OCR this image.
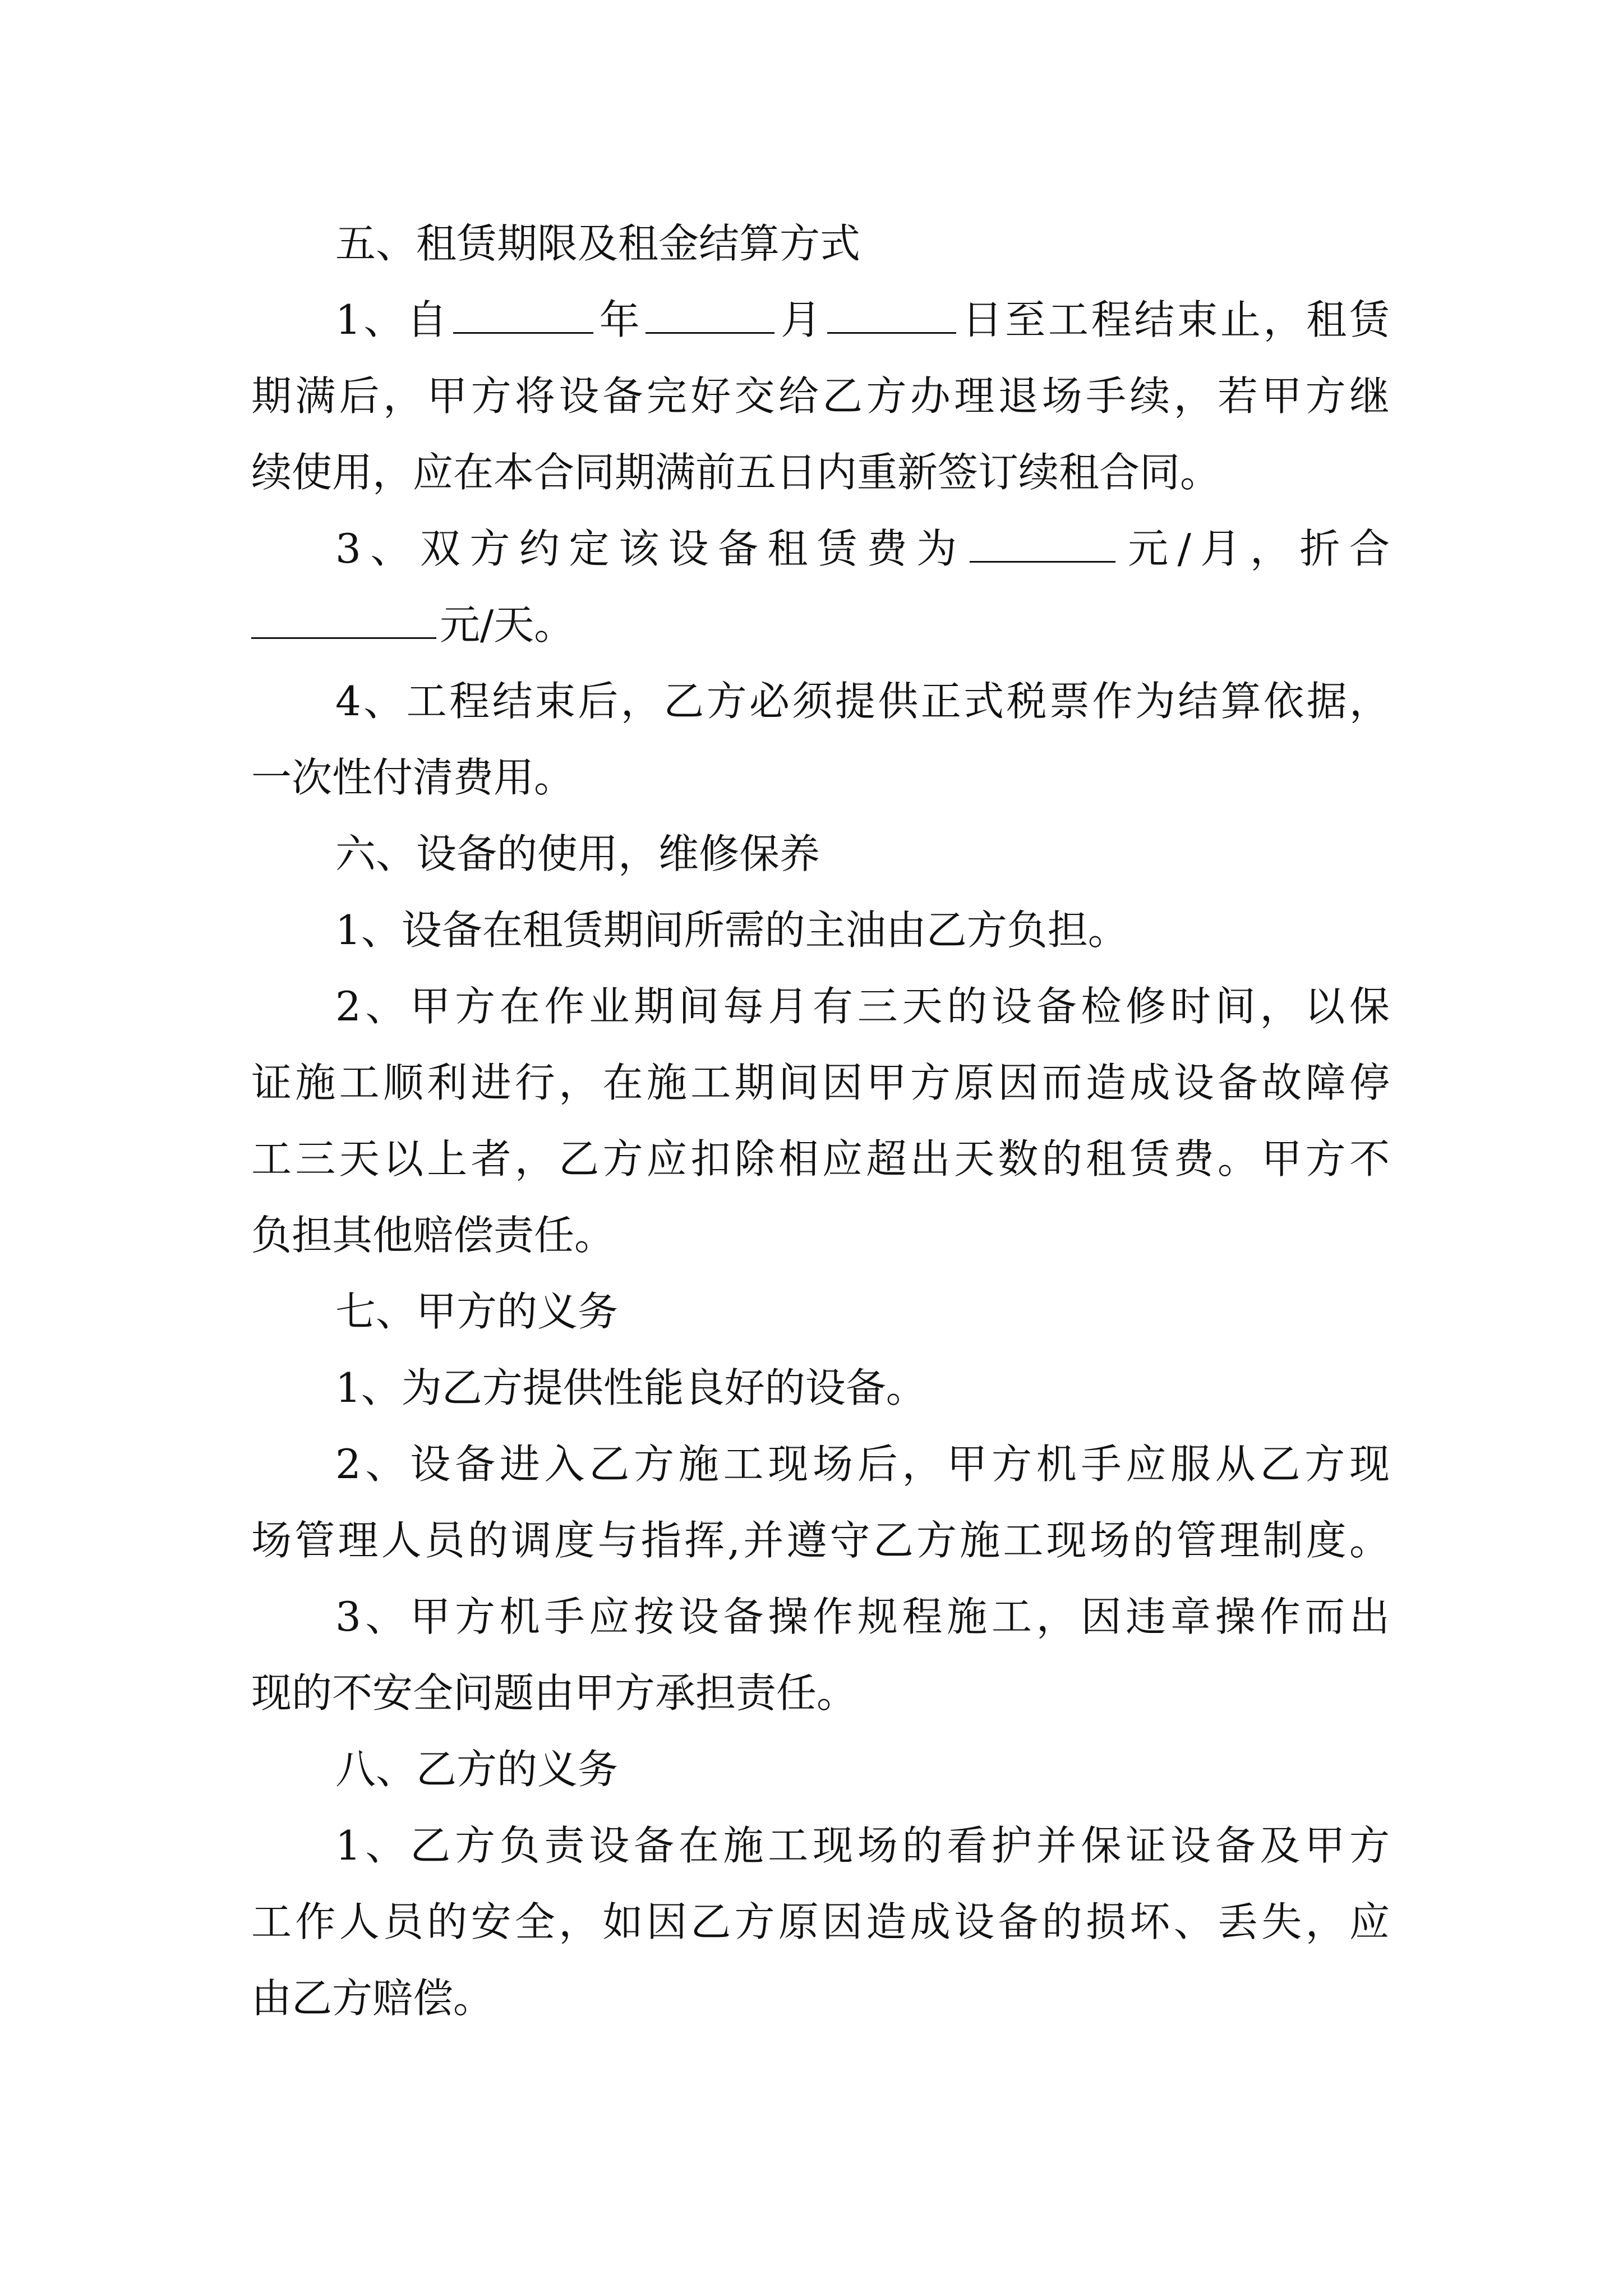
五、租赁期限及租金结算方式
1、自	年	月	日至工程结束止，租赁
期满后，甲方将设备完好交给乙方办理退场手续，若甲方继
续使用，应在本合同期满前五日内重新签订续租合同。
3、双方约定该设备租赁费为	元/月，折合
元/天。
4、工程结束后，乙方必须提供正式税票作为结算依据，
一次性付清费用。
六、设备的使用，维修保养
1、设备在租赁期间所需的主油由乙方负担。
2、甲方在作业期间每月有三天的设备检修时间，以保
证施工顺利进行，在施工期间因甲方原因而造成设备故障停
工三天以上者，乙方应扣除相应超出天数的租赁费。甲方不
负担其他赔偿责任。
七、甲方的义务
1、为乙方提供性能良好的设备。
2、设备进入乙方施工现场后，甲方机手应服从乙方现
场管理人员的调度与指挥,并遵守乙方施工现场的管理制度。
3、甲方机手应按设备操作规程施工，因违章操作而出
现的不安全问题由甲方承担责任。
八、乙方的义务
1、乙方负责设备在施工现场的看护并保证设备及甲方
工作人员的安全，如因乙方原因造成设备的损坏、丢失，应
由乙方赔偿。
